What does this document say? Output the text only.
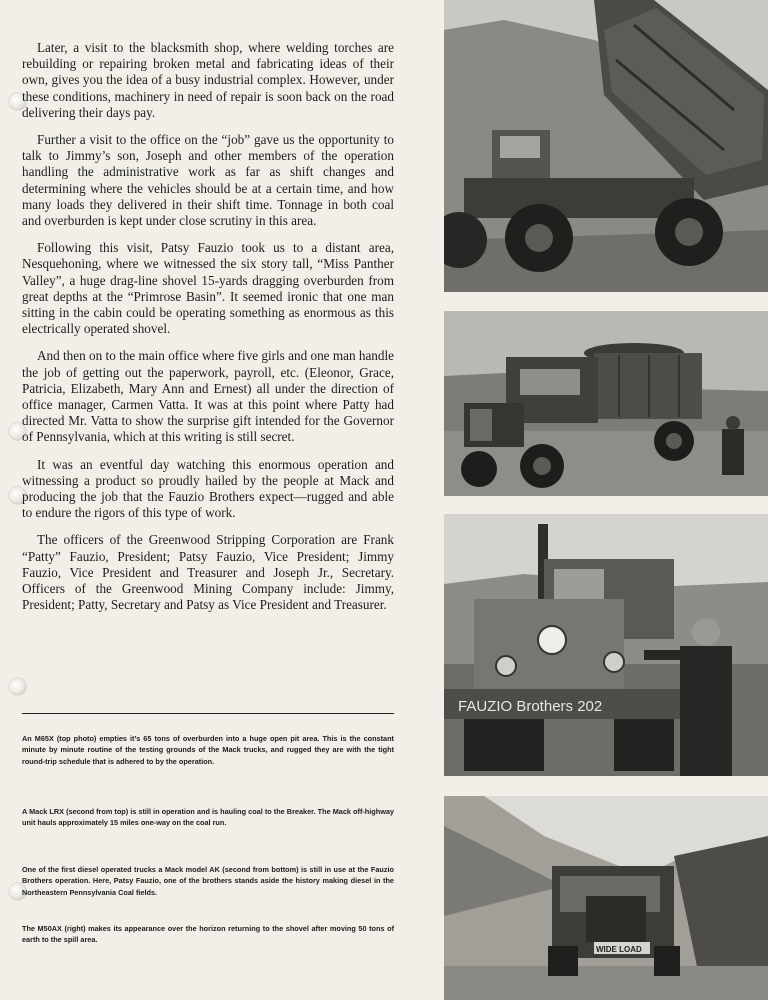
Later, a visit to the blacksmith shop, where welding torches are rebuilding or repairing broken metal and fabricating ideas of their own, gives you the idea of a busy industrial complex. However, under these conditions, machinery in need of repair is soon back on the road delivering their days pay.

Further a visit to the office on the “job” gave us the opportunity to talk to Jimmy’s son, Joseph and other members of the operation handling the administrative work as far as shift changes and determining where the vehicles should be at a certain time, and how many loads they delivered in their shift time. Tonnage in both coal and overburden is kept under close scrutiny in this area.

Following this visit, Patsy Fauzio took us to a distant area, Nesquehoning, where we witnessed the six story tall, “Miss Panther Valley”, a huge drag-line shovel 15-yards dragging overburden from great depths at the “Primrose Basin”. It seemed ironic that one man sitting in the cabin could be operating something as enormous as this electrically operated shovel.

And then on to the main office where five girls and one man handle the job of getting out the paperwork, payroll, etc. (Eleonor, Grace, Patricia, Elizabeth, Mary Ann and Ernest) all under the direction of office manager, Carmen Vatta. It was at this point where Patty had directed Mr. Vatta to show the surprise gift intended for the Governor of Pennsylvania, which at this writing is still secret.

It was an eventful day watching this enormous operation and witnessing a product so proudly hailed by the people at Mack and producing the job that the Fauzio Brothers expect—rugged and able to endure the rigors of this type of work.

The officers of the Greenwood Stripping Corporation are Frank “Patty” Fauzio, President; Patsy Fauzio, Vice President; Jimmy Fauzio, Vice President and Treasurer and Joseph Jr., Secretary. Officers of the Greenwood Mining Company include: Jimmy, President; Patty, Secretary and Patsy as Vice President and Treasurer.

An M65X (top photo) empties it’s 65 tons of overburden into a huge open pit area. This is the constant minute by minute routine of the testing grounds of the Mack trucks, and rugged they are with the tight round-trip schedule that is adhered to by the operation.

A Mack LRX (second from top) is still in operation and is hauling coal to the Breaker. The Mack off-highway unit hauls approximately 15 miles one-way on the coal run.

One of the first diesel operated trucks a Mack model AK (second from bottom) is still in use at the Fauzio Brothers operation. Here, Patsy Fauzio, one of the brothers stands aside the history making diesel in the Northeastern Pennsylvania Coal fields.

The M50AX (right) makes its appearance over the horizon returning to the shovel after moving 50 tons of earth to the spill area.

FAUZIO Brothers 202
WIDE LOAD
